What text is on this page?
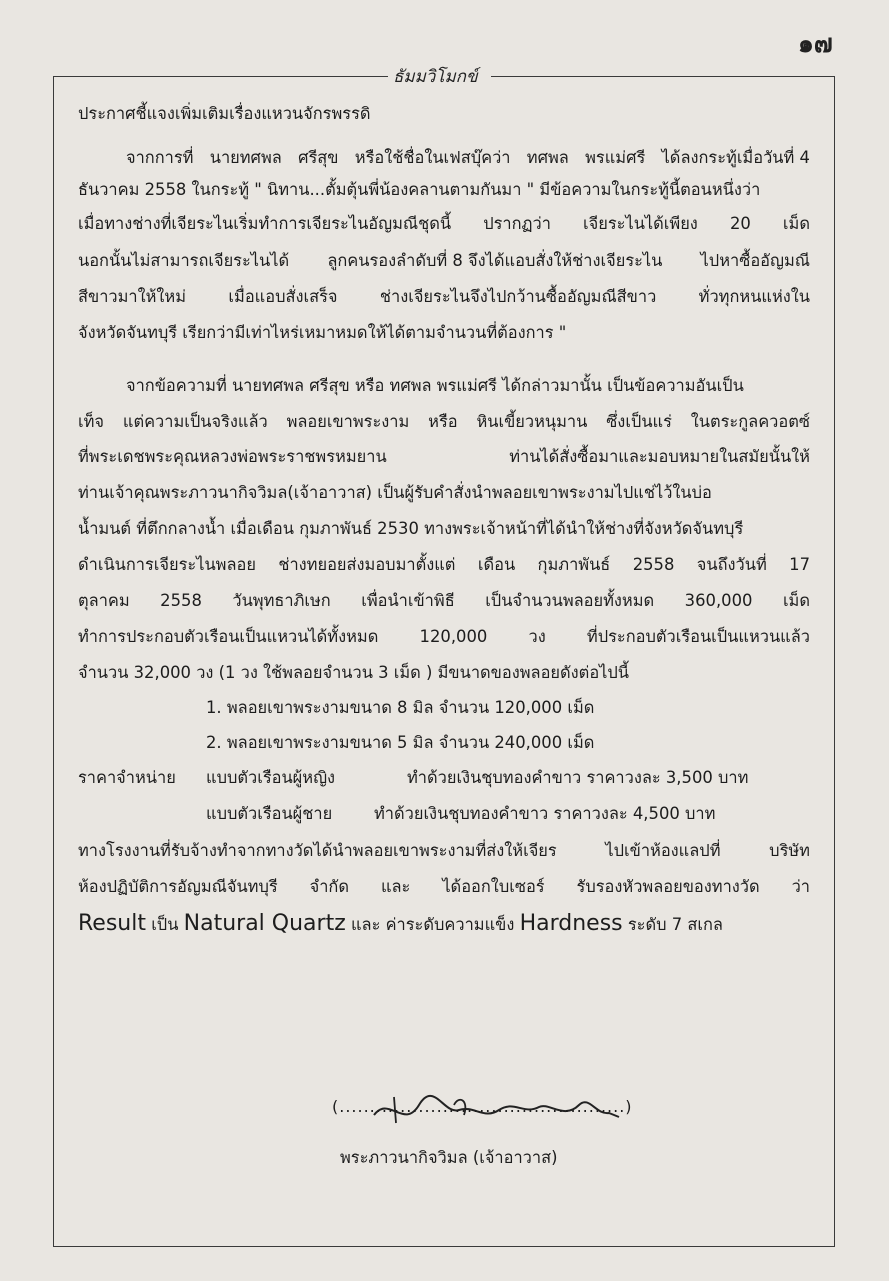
๑๗
ธัมมวิโมกข์
ประกาศชี้แจงเพิ่มเติมเรื่องแหวนจักรพรรดิ
จากการที่ นายทศพล ศรีสุข หรือใช้ชื่อในเฟสบุ๊คว่า ทศพล พรแม่ศรี ได้ลงกระทู้เมื่อวันที่ 4
ธันวาคม 2558 ในกระทู้ " นิทาน...ตั้มตุ้นพี่น้องคลานตามกันมา " มีข้อความในกระทู้นี้ตอนหนึ่งว่า
เมื่อทางช่างที่เจียระไนเริ่มทำการเจียระไนอัญมณีชุดนี้ ปรากฏว่า เจียระไนได้เพียง 20 เม็ด
นอกนั้นไม่สามารถเจียระไนได้ ลูกคนรองลำดับที่ 8 จึงได้แอบสั่งให้ช่างเจียระไน ไปหาซื้ออัญมณี
สีขาวมาให้ใหม่	เมื่อแอบสั่งเสร็จ	ช่างเจียระไนจึงไปกว้านซื้ออัญมณีสีขาว	ทั่วทุกหนแห่งใน
จังหวัดจันทบุรี เรียกว่ามีเท่าไหร่เหมาหมดให้ได้ตามจำนวนที่ต้องการ "
จากข้อความที่ นายทศพล ศรีสุข หรือ ทศพล พรแม่ศรี ได้กล่าวมานั้น เป็นข้อความอันเป็น
เท็จ แต่ความเป็นจริงแล้ว พลอยเขาพระงาม หรือ หินเขี้ยวหนุมาน ซึ่งเป็นแร่ ในตระกูลควอตซ์
ที่พระเดชพระคุณหลวงพ่อพระราชพรหมยาน	ท่านได้สั่งซื้อมาและมอบหมายในสมัยนั้นให้
ท่านเจ้าคุณพระภาวนากิจวิมล(เจ้าอาวาส) เป็นผู้รับคำสั่งนำพลอยเขาพระงามไปแช่ไว้ในบ่อ
น้ำมนต์ ที่ตึกกลางน้ำ เมื่อเดือน กุมภาพันธ์ 2530 ทางพระเจ้าหน้าที่ได้นำให้ช่างที่จังหวัดจันทบุรี
ดำเนินการเจียระไนพลอย ช่างทยอยส่งมอบมาตั้งแต่ เดือน กุมภาพันธ์ 2558 จนถึงวันที่ 17
ตุลาคม 2558 วันพุทธาภิเษก เพื่อนำเข้าพิธี เป็นจำนวนพลอยทั้งหมด 360,000 เม็ด
ทำการประกอบตัวเรือนเป็นแหวนได้ทั้งหมด	120,000	วง	ที่ประกอบตัวเรือนเป็นแหวนแล้ว
จำนวน 32,000 วง (1 วง ใช้พลอยจำนวน 3 เม็ด ) มีขนาดของพลอยดังต่อไปนี้
1. พลอยเขาพระงามขนาด 8 มิล จำนวน 120,000 เม็ด
2. พลอยเขาพระงามขนาด 5 มิล จำนวน 240,000 เม็ด
ราคาจำหน่าย แบบตัวเรือนผู้หญิง	ทำด้วยเงินชุบทองคำขาว ราคาวงละ 3,500 บาท
แบบตัวเรือนผู้ชาย	ทำด้วยเงินชุบทองคำขาว ราคาวงละ 4,500 บาท
ทางโรงงานที่รับจ้างทำจากทางวัดได้นำพลอยเขาพระงามที่ส่งให้เจียร	ไปเข้าห้องแลปที่	บริษัท
ห้องปฏิบัติการอัญมณีจันทบุรี จำกัด และ ได้ออกใบเซอร์ รับรองหัวพลอยของทางวัด ว่า
Result เป็น Natural Quartz และ ค่าระดับความแข็ง Hardness ระดับ 7 สเกล
(...............................................)
พระภาวนากิจวิมล (เจ้าอาวาส)
